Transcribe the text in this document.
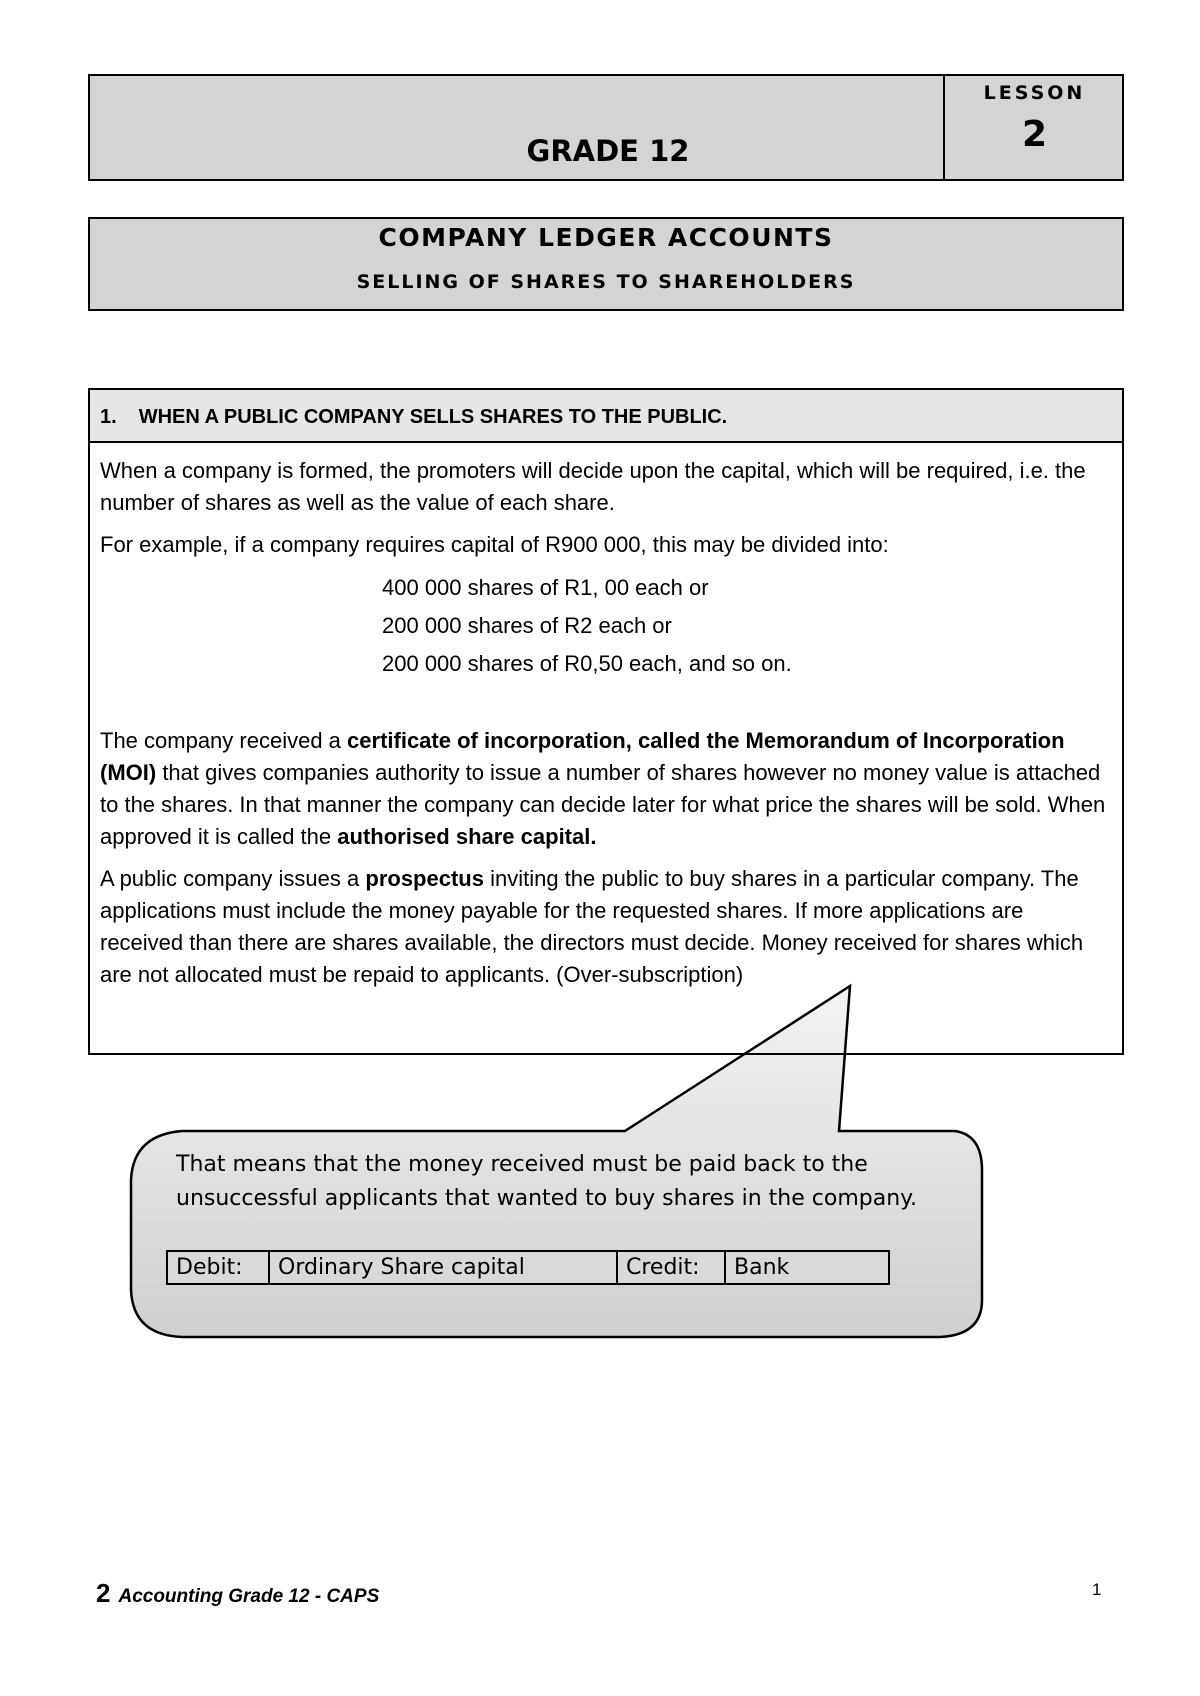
GRADE 12
LESSON
2
COMPANY LEDGER ACCOUNTS
SELLING OF SHARES TO SHAREHOLDERS
1. WHEN A PUBLIC COMPANY SELLS SHARES TO THE PUBLIC.

When a company is formed, the promoters will decide upon the capital, which will be required, i.e. the number of shares as well as the value of each share.

For example, if a company requires capital of R900 000, this may be divided into:

400 000 shares of R1, 00 each or
200 000 shares of R2 each or
200 000 shares of R0,50 each, and so on.

The company received a certificate of incorporation, called the Memorandum of Incorporation (MOI) that gives companies authority to issue a number of shares however no money value is attached to the shares. In that manner the company can decide later for what price the shares will be sold. When approved it is called the authorised share capital.

A public company issues a prospectus inviting the public to buy shares in a particular company. The applications must include the money payable for the requested shares. If more applications are received than there are shares available, the directors must decide. Money received for shares which are not allocated must be repaid to applicants. (Over-subscription)

That means that the money received must be paid back to the unsuccessful applicants that wanted to buy shares in the company.
Debit:	Ordinary Share capital	Credit:	Bank
2 Accounting Grade 12 - CAPS	1
